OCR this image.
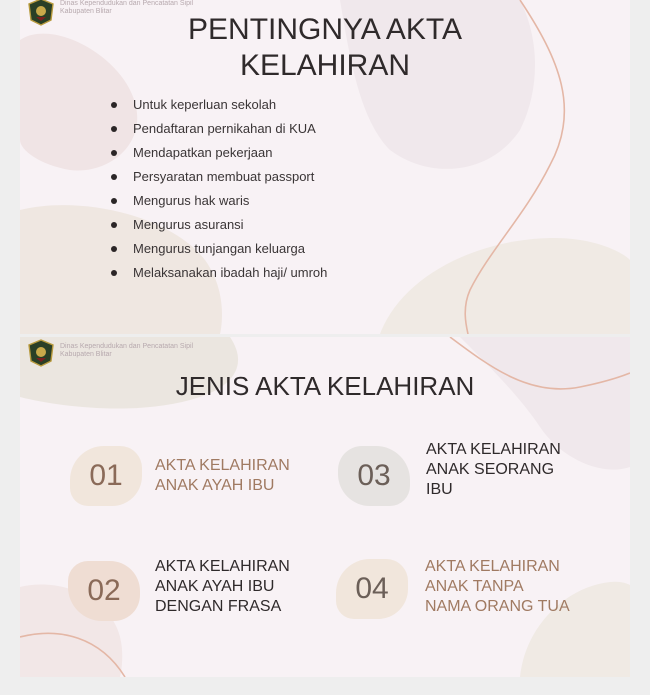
Dinas Kependudukan dan Pencatatan Sipil
Kabupaten Blitar
PENTINGNYA AKTA
KELAHIRAN
Untuk keperluan sekolah
Pendaftaran pernikahan di KUA
Mendapatkan pekerjaan
Persyaratan membuat passport
Mengurus hak waris
Mengurus asuransi
Mengurus tunjangan keluarga
Melaksanakan ibadah haji/ umroh
Dinas Kependudukan dan Pencatatan Sipil
Kabupaten Blitar
JENIS AKTA KELAHIRAN
01	AKTA KELAHIRAN
ANAK AYAH IBU	03
AKTA KELAHIRAN
ANAK SEORANG
IBU
02
AKTA KELAHIRAN
ANAK AYAH IBU
DENGAN FRASA
04
AKTA KELAHIRAN
ANAK TANPA
NAMA ORANG TUA
